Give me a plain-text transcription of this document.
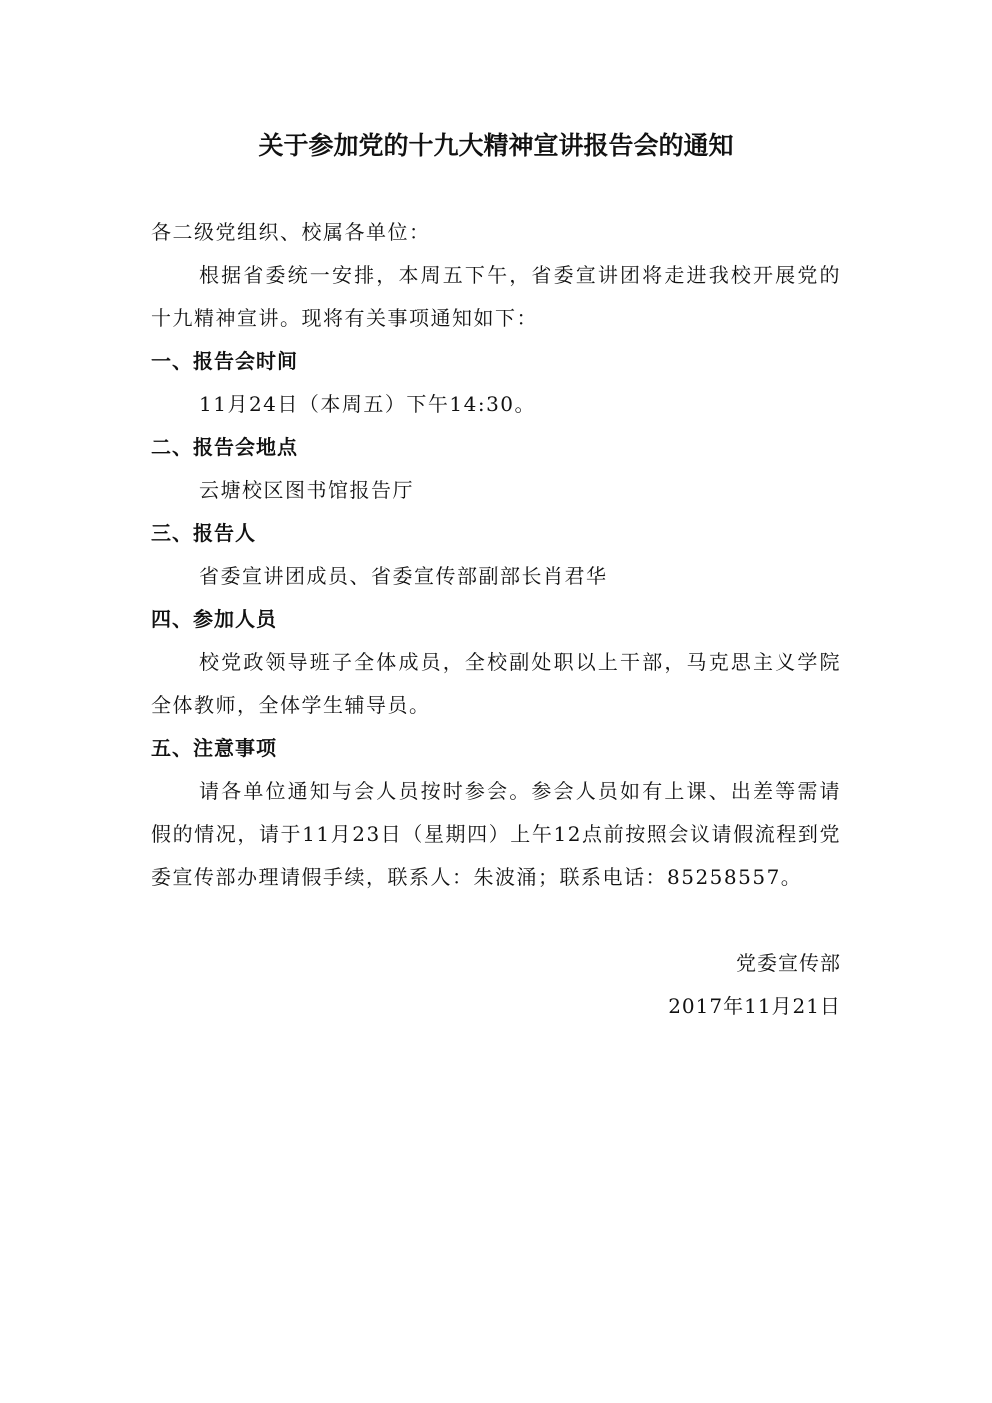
关于参加党的十九大精神宣讲报告会的通知

各二级党组织、校属各单位：

根据省委统一安排，本周五下午，省委宣讲团将走进我校开展党的十九精神宣讲。现将有关事项通知如下：

一、报告会时间

11月24日（本周五）下午14:30。

二、报告会地点

云塘校区图书馆报告厅

三、报告人

省委宣讲团成员、省委宣传部副部长肖君华

四、参加人员

校党政领导班子全体成员，全校副处职以上干部，马克思主义学院全体教师，全体学生辅导员。

五、注意事项

请各单位通知与会人员按时参会。参会人员如有上课、出差等需请假的情况，请于11月23日（星期四）上午12点前按照会议请假流程到党委宣传部办理请假手续，联系人：朱波涌；联系电话：85258557。

党委宣传部

2017年11月21日
